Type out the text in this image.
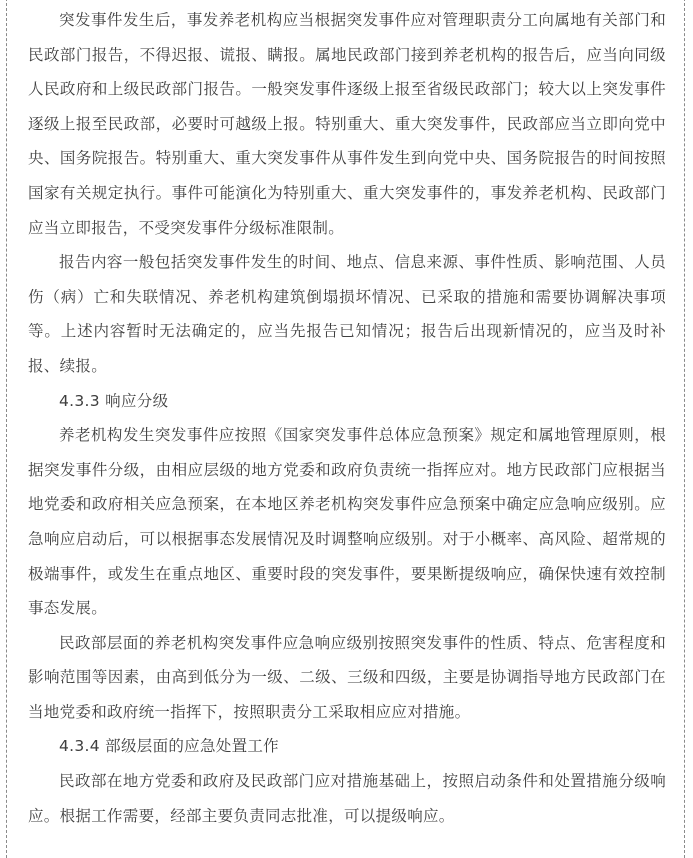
突发事件发生后，事发养老机构应当根据突发事件应对管理职责分工向属地有关部门和民政部门报告，不得迟报、谎报、瞒报。属地民政部门接到养老机构的报告后，应当向同级人民政府和上级民政部门报告。一般突发事件逐级上报至省级民政部门；较大以上突发事件逐级上报至民政部，必要时可越级上报。特别重大、重大突发事件，民政部应当立即向党中央、国务院报告。特别重大、重大突发事件从事件发生到向党中央、国务院报告的时间按照国家有关规定执行。事件可能演化为特别重大、重大突发事件的，事发养老机构、民政部门应当立即报告，不受突发事件分级标准限制。

报告内容一般包括突发事件发生的时间、地点、信息来源、事件性质、影响范围、人员伤（病）亡和失联情况、养老机构建筑倒塌损坏情况、已采取的措施和需要协调解决事项等。上述内容暂时无法确定的，应当先报告已知情况；报告后出现新情况的，应当及时补报、续报。

4.3.3 响应分级

养老机构发生突发事件应按照《国家突发事件总体应急预案》规定和属地管理原则，根据突发事件分级，由相应层级的地方党委和政府负责统一指挥应对。地方民政部门应根据当地党委和政府相关应急预案，在本地区养老机构突发事件应急预案中确定应急响应级别。应急响应启动后，可以根据事态发展情况及时调整响应级别。对于小概率、高风险、超常规的极端事件，或发生在重点地区、重要时段的突发事件，要果断提级响应，确保快速有效控制事态发展。

民政部层面的养老机构突发事件应急响应级别按照突发事件的性质、特点、危害程度和影响范围等因素，由高到低分为一级、二级、三级和四级，主要是协调指导地方民政部门在当地党委和政府统一指挥下，按照职责分工采取相应应对措施。

4.3.4 部级层面的应急处置工作

民政部在地方党委和政府及民政部门应对措施基础上，按照启动条件和处置措施分级响应。根据工作需要，经部主要负责同志批准，可以提级响应。
